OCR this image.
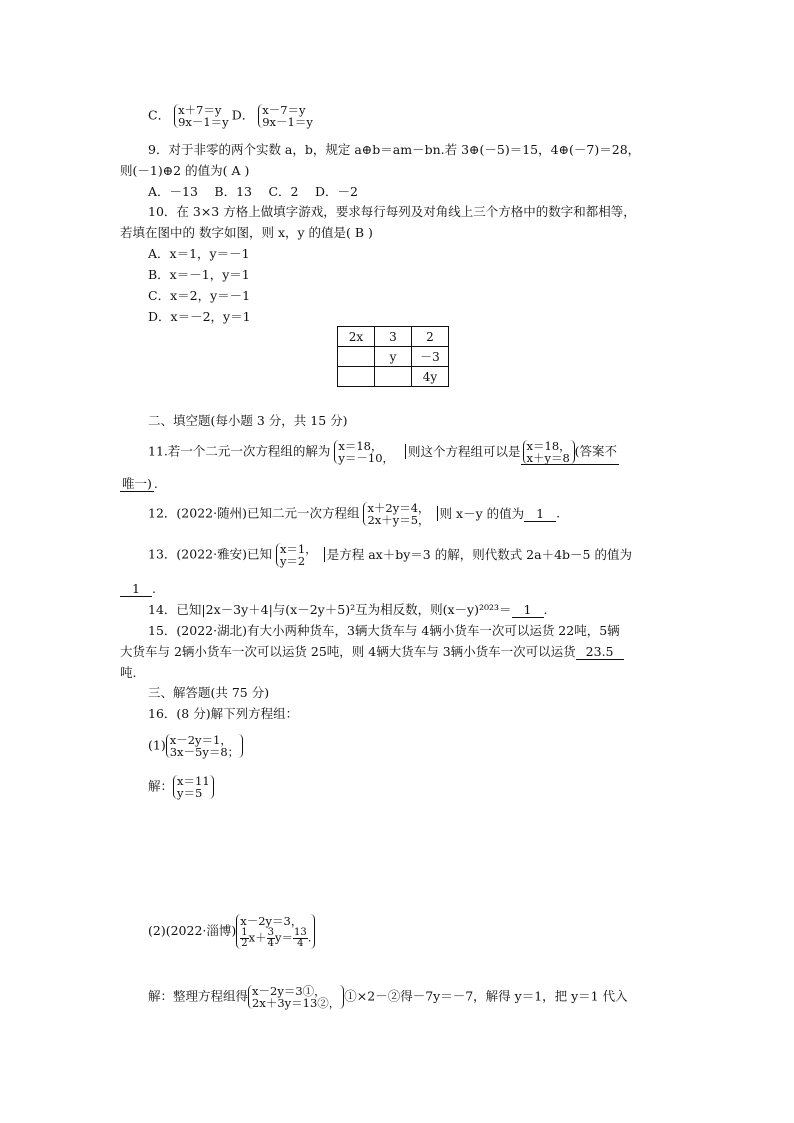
C． x＋7＝y
9x－1＝y D． x－7＝y
9x－1＝y
9．对于非零的两个实数 a，b，规定 a⊕b＝am－bn.若 3⊕(－5)＝15，4⊕(－7)＝28，
则(－1)⊕2 的值为( A )
A．－13　 B．13　 C．2　 D．－2
10．在 3×3 方格上做填字游戏，要求每行每列及对角线上三个方格中的数字和都相等，
若填在图中的 数字如图，则 x，y 的值是( B )
A．x＝1，y＝－1
B．x＝－1，y＝1
C．x＝2，y＝－1
D．x＝－2，y＝1
2x	3	2
	y	－3
		4y
二、填空题(每小题 3 分，共 15 分)
11.若一个二元一次方程组的解为 x＝18，
y＝－10， 则这个方程组可以是 x＝18，
x＋y＝8 (答案不
唯一) .
12．(2022·随州)已知二元一次方程组 x＋2y＝4，
2x＋y＝5， 则 x－y 的值为 1 .
13．(2022·雅安)已知 x＝1，
y＝2	是方程 ax＋by＝3 的解，则代数式 2a＋4b－5 的值为
1 .
14．已知|2x－3y＋4|与(x－2y＋5)²互为相反数，则(x－y)²⁰²³＝ 1 .
15．(2022·湖北)有大小两种货车，3辆大货车与 4辆小货车一次可以运货 22吨，5辆
大货车与 2辆小货车一次可以运货 25吨，则 4辆大货车与 3辆小货车一次可以运货 23.5
吨.
三、解答题(共 75 分)
16．(8 分)解下列方程组：
(1) x－2y＝1，
3x－5y＝8；
解： x＝11
y＝5
(2)(2022·淄博)
x－2y＝3，
$\frac{1}{2} x+ \frac{3}{4} y= \frac{13}{4}$ .
解：整理方程组得 x－2y＝3①，
2x＋3y＝13②， ①×2－②得－7y＝－7，解得 y＝1，把 y＝1 代入
